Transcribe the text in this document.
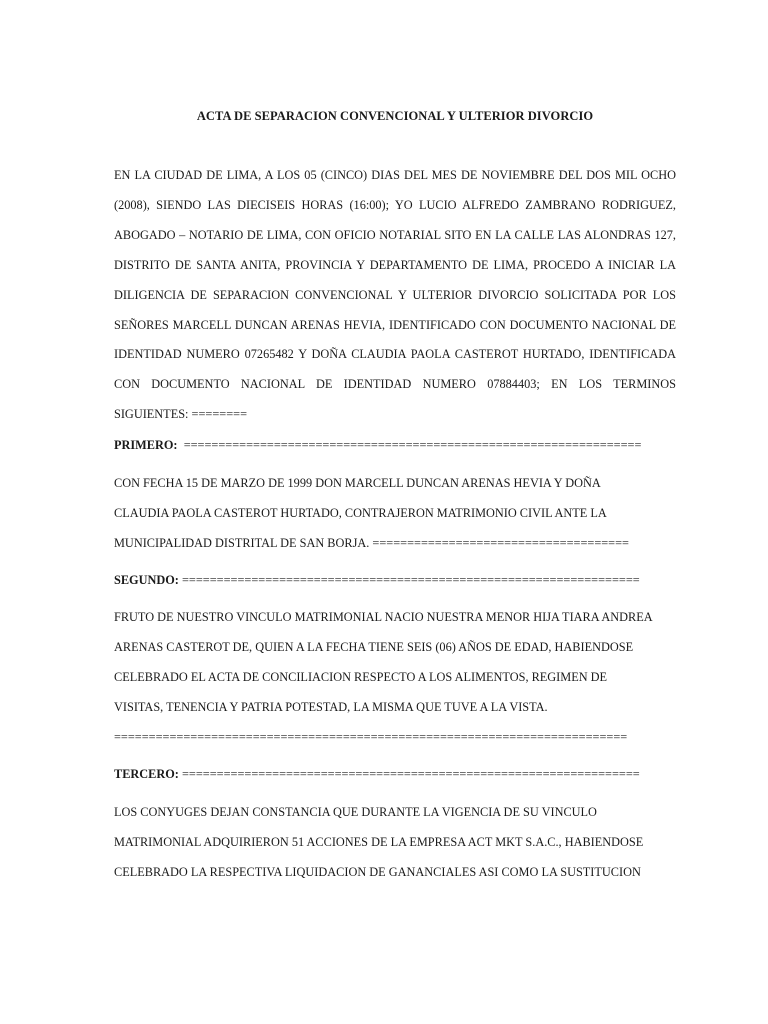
ACTA DE SEPARACION CONVENCIONAL Y ULTERIOR DIVORCIO

EN LA CIUDAD DE LIMA, A LOS 05 (CINCO) DIAS DEL MES DE NOVIEMBRE DEL DOS MIL OCHO (2008), SIENDO LAS DIECISEIS HORAS (16:00); YO LUCIO ALFREDO ZAMBRANO RODRIGUEZ, ABOGADO – NOTARIO DE LIMA, CON OFICIO NOTARIAL SITO EN LA CALLE LAS ALONDRAS 127, DISTRITO DE SANTA ANITA, PROVINCIA Y DEPARTAMENTO DE LIMA, PROCEDO A INICIAR LA DILIGENCIA DE SEPARACION CONVENCIONAL Y ULTERIOR DIVORCIO SOLICITADA POR LOS SEÑORES MARCELL DUNCAN ARENAS HEVIA, IDENTIFICADO CON DOCUMENTO NACIONAL DE IDENTIDAD NUMERO 07265482 Y DOÑA CLAUDIA PAOLA CASTEROT HURTADO, IDENTIFICADA CON DOCUMENTO NACIONAL DE IDENTIDAD NUMERO 07884403; EN LOS TERMINOS SIGUIENTES: ========

PRIMERO: ==================================================================

CON FECHA 15 DE MARZO DE 1999 DON MARCELL DUNCAN ARENAS HEVIA Y DOÑA
CLAUDIA PAOLA CASTEROT HURTADO, CONTRAJERON MATRIMONIO CIVIL ANTE LA
MUNICIPALIDAD DISTRITAL DE SAN BORJA. =====================================

SEGUNDO: ==================================================================

FRUTO DE NUESTRO VINCULO MATRIMONIAL NACIO NUESTRA MENOR HIJA TIARA ANDREA
ARENAS CASTEROT DE, QUIEN A LA FECHA TIENE SEIS (06) AÑOS DE EDAD, HABIENDOSE
CELEBRADO EL ACTA DE CONCILIACION RESPECTO A LOS ALIMENTOS, REGIMEN DE
VISITAS, TENENCIA Y PATRIA POTESTAD, LA MISMA QUE TUVE A LA VISTA.

==========================================================================

TERCERO: ==================================================================

LOS CONYUGES DEJAN CONSTANCIA QUE DURANTE LA VIGENCIA DE SU VINCULO
MATRIMONIAL ADQUIRIERON 51 ACCIONES DE LA EMPRESA ACT MKT S.A.C., HABIENDOSE
CELEBRADO LA RESPECTIVA LIQUIDACION DE GANANCIALES ASI COMO LA SUSTITUCION
